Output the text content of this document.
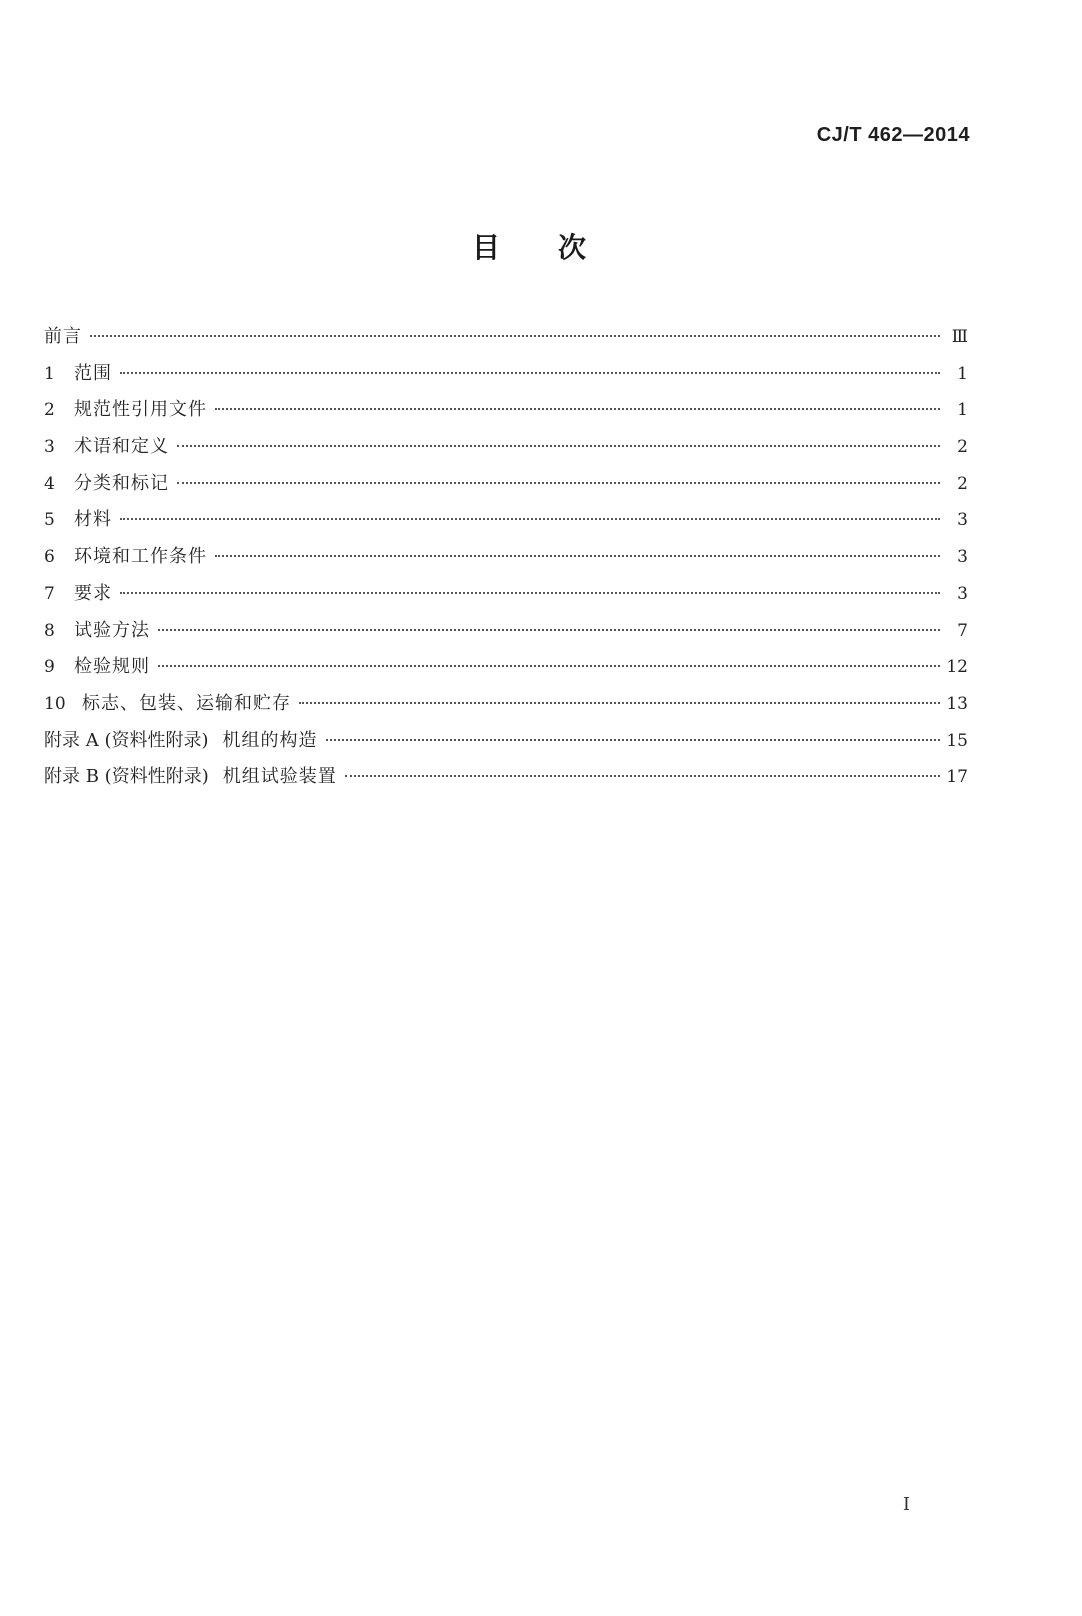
CJ/T 462—2014
目次
前言	Ⅲ
1	范围	1
2	规范性引用文件	1
3	术语和定义	2
4	分类和标记	2
5	材料	3
6	环境和工作条件	3
7	要求	3
8	试验方法	7
9	检验规则	12
10 标志、包装、运输和贮存	13
附录 A (资料性附录) 机组的构造	15
附录 B (资料性附录) 机组试验装置	17
I
